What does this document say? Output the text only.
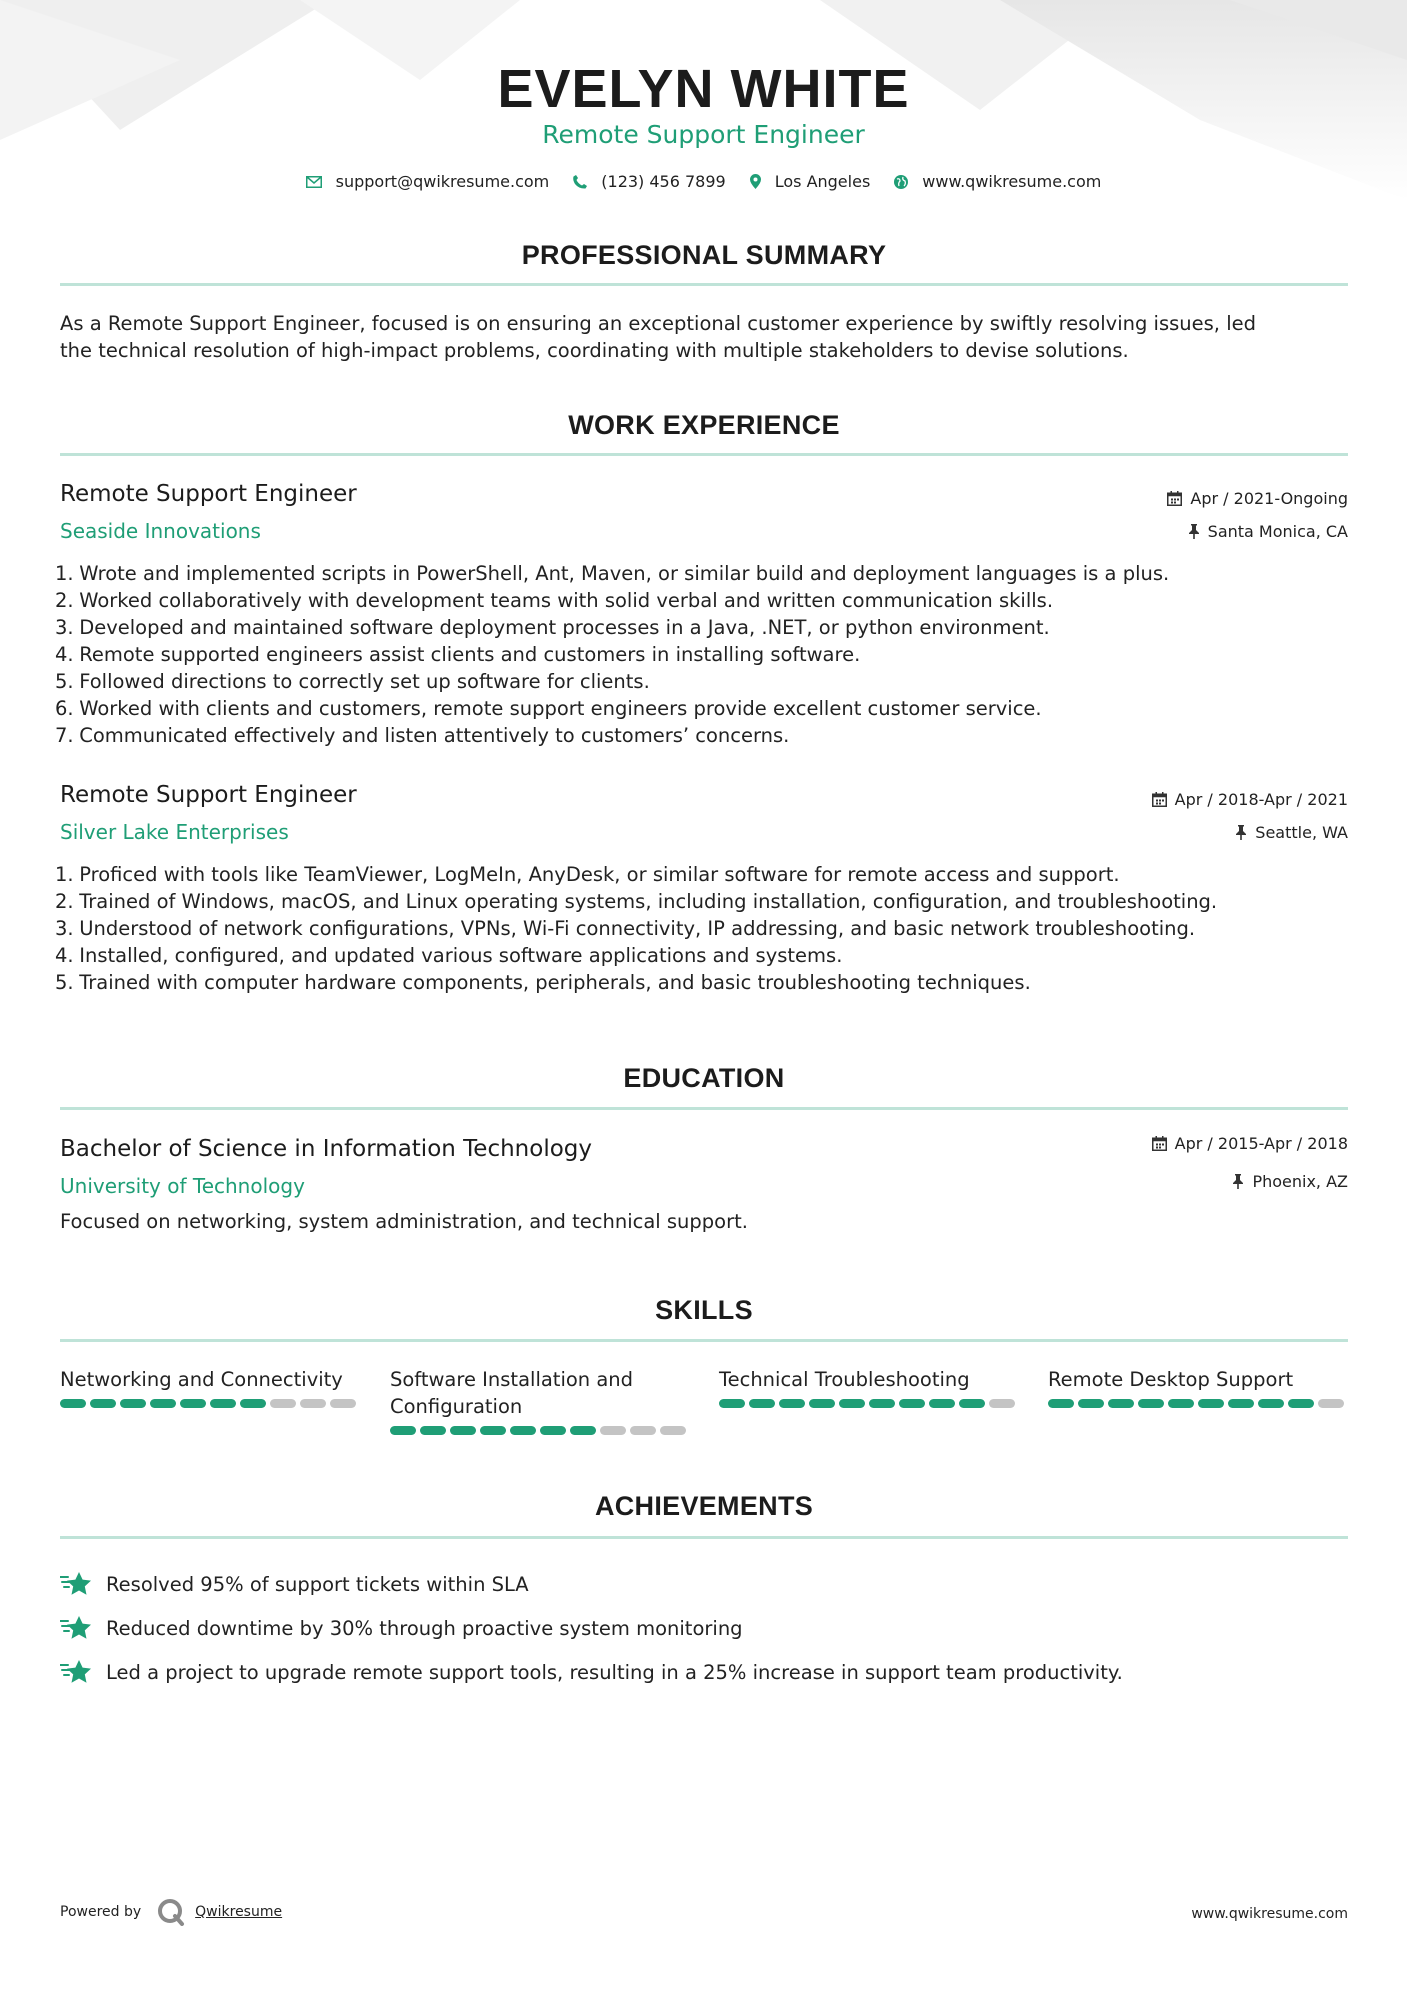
EVELYN WHITE
Remote Support Engineer
support@qwikresume.com	(123) 456 7899	Los Angeles	www.qwikresume.com
PROFESSIONAL SUMMARY
As a Remote Support Engineer, focused is on ensuring an exceptional customer experience by swiftly resolving issues, led
the technical resolution of high-impact problems, coordinating with multiple stakeholders to devise solutions.
WORK EXPERIENCE
Remote Support Engineer
Seaside Innovations
Apr / 2021-Ongoing
Santa Monica, CA
1. Wrote and implemented scripts in PowerShell, Ant, Maven, or similar build and deployment languages is a plus.
2. Worked collaboratively with development teams with solid verbal and written communication skills.
3. Developed and maintained software deployment processes in a Java, .NET, or python environment.
4. Remote supported engineers assist clients and customers in installing software.
5. Followed directions to correctly set up software for clients.
6. Worked with clients and customers, remote support engineers provide excellent customer service.
7. Communicated effectively and listen attentively to customers’ concerns.
Remote Support Engineer
Silver Lake Enterprises
Apr / 2018-Apr / 2021
Seattle, WA
1. Proficed with tools like TeamViewer, LogMeIn, AnyDesk, or similar software for remote access and support.
2. Trained of Windows, macOS, and Linux operating systems, including installation, configuration, and troubleshooting.
3. Understood of network configurations, VPNs, Wi-Fi connectivity, IP addressing, and basic network troubleshooting.
4. Installed, configured, and updated various software applications and systems.
5. Trained with computer hardware components, peripherals, and basic troubleshooting techniques.
EDUCATION
Bachelor of Science in Information Technology
University of Technology
Apr / 2015-Apr / 2018
Phoenix, AZ
Focused on networking, system administration, and technical support.
SKILLS
Networking and Connectivity	Software Installation and
Configuration
Technical Troubleshooting	Remote Desktop Support
ACHIEVEMENTS
Resolved 95% of support tickets within SLA
Reduced downtime by 30% through proactive system monitoring
Led a project to upgrade remote support tools, resulting in a 25% increase in support team productivity.
Powered by	Qwikresume	www.qwikresume.com
